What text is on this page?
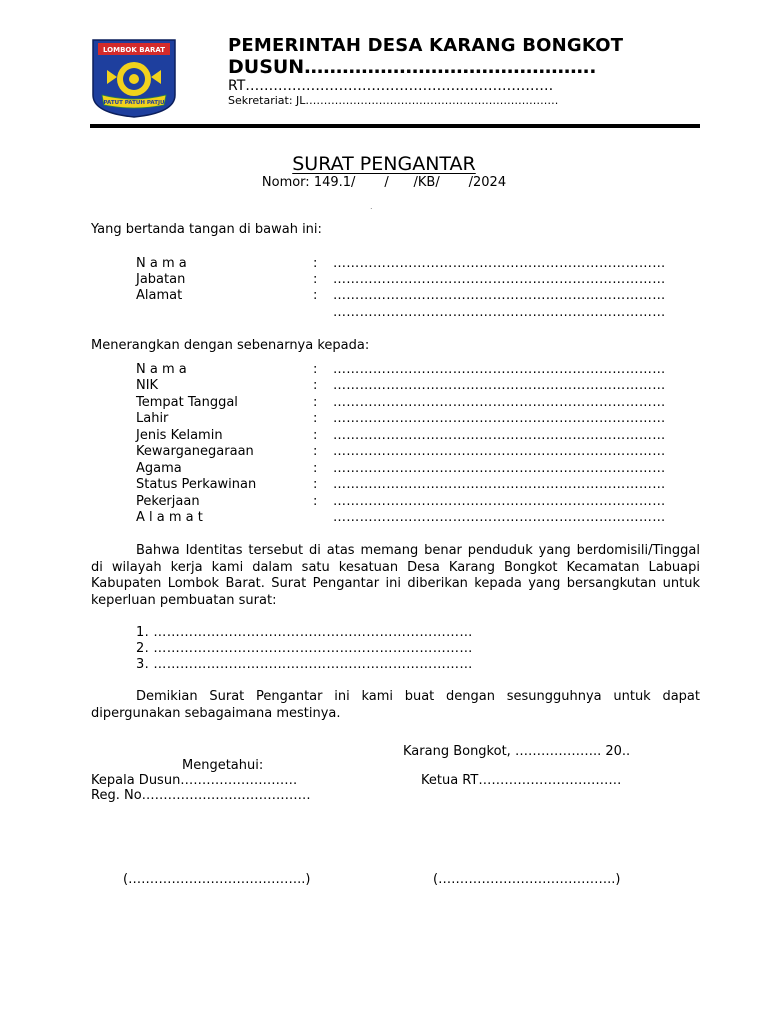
LOMBOK BARAT
PATUT PATUH PATJU
PEMERINTAH DESA KARANG BONGKOT
DUSUN……………………………………….
RT…………………………………………………………
Sekretariat: JL……………………………………………………………
SURAT PENGANTAR
Nomor: 149.1/       /      /KB/       /2024
.
Yang bertanda tangan di bawah ini:
N a m a	: …………………………………………………………………
Jabatan	: …………………………………………………………………
Alamat	: …………………………………………………………………
…………………………………………………………………
Menerangkan dengan sebenarnya kepada:
N a m a	: …………………………………………………………………
NIK	: …………………………………………………………………
Tempat Tanggal	: …………………………………………………………………
Lahir	: …………………………………………………………………
Jenis Kelamin	: …………………………………………………………………
Kewarganegaraan	: …………………………………………………………………
Agama	: …………………………………………………………………
Status Perkawinan	: …………………………………………………………………
Pekerjaan	: …………………………………………………………………
A l a m a t	…………………………………………………………………
Bahwa Identitas tersebut di atas memang benar penduduk yang berdomisili/Tinggal di wilayah kerja kami dalam satu kesatuan Desa Karang Bongkot Kecamatan Labuapi Kabupaten Lombok Barat. Surat Pengantar ini diberikan kepada yang bersangkutan untuk keperluan pembuatan surat:
1. ………………………………………………………………
2. ………………………………………………………………
3. ………………………………………………………………
Demikian Surat Pengantar ini kami buat dengan sesungguhnya untuk dapat dipergunakan sebagaimana mestinya.
Karang Bongkot, ……………….. 20..
Mengetahui:
Kepala Dusun………………………	Ketua RT……………………………
Reg. No…………………………………
(…………………………………..)	(…………………………………..)
